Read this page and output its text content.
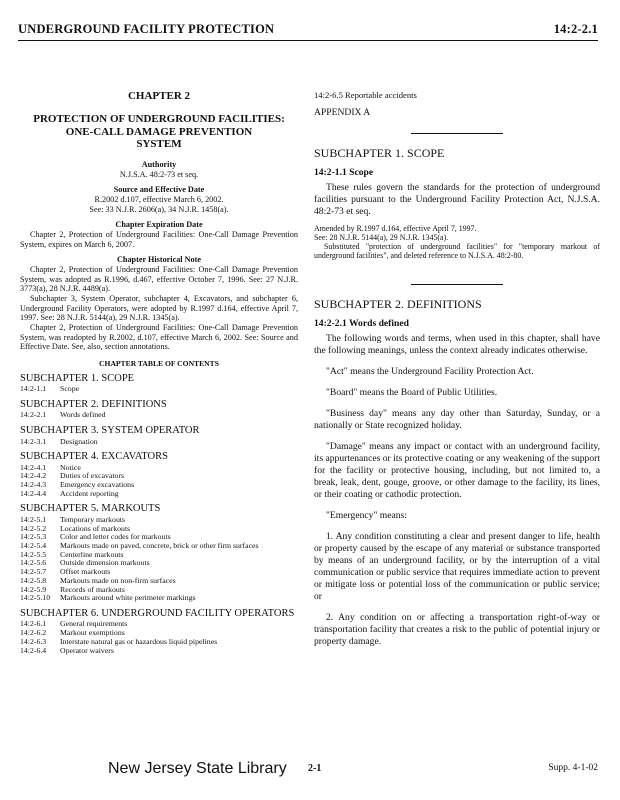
UNDERGROUND FACILITY PROTECTION	14:2-2.1
CHAPTER 2
PROTECTION OF UNDERGROUND FACILITIES:
ONE-CALL DAMAGE PREVENTION
SYSTEM
Authority
N.J.S.A. 48:2-73 et seq.
Source and Effective Date
R.2002 d.107, effective March 6, 2002.
See: 33 N.J.R. 2606(a), 34 N.J.R. 1458(a).
Chapter Expiration Date

Chapter 2, Protection of Underground Facilities: One-Call Damage Prevention System, expires on March 6, 2007.

Chapter Historical Note

Chapter 2, Protection of Underground Facilities: One-Call Damage Prevention System, was adopted as R.1996, d.467, effective October 7, 1996. See: 27 N.J.R. 3773(a), 28 N.J.R. 4489(a).

Subchapter 3, System Operator, subchapter 4, Excavators, and subchapter 6, Underground Facility Operators, were adopted by R.1997 d.164, effective April 7, 1997. See: 28 N.J.R. 5144(a), 29 N.J.R. 1345(a).

Chapter 2, Protection of Underground Facilities: One-Call Damage Prevention System, was readopted by R.2002, d.107, effective March 6, 2002. See: Source and Effective Date. See, also, section annotations.

CHAPTER TABLE OF CONTENTS
SUBCHAPTER 1. SCOPE
14:2-1.1	Scope
SUBCHAPTER 2. DEFINITIONS
14:2-2.1	Words defined
SUBCHAPTER 3. SYSTEM OPERATOR
14:2-3.1	Designation
SUBCHAPTER 4. EXCAVATORS
14:2-4.1	Notice
14:2-4.2	Duties of excavators
14:2-4.3	Emergency excavations
14:2-4.4	Accident reporting
SUBCHAPTER 5. MARKOUTS
14:2-5.1	Temporary markouts
14:2-5.2	Locations of markouts
14:2-5.3	Color and letter codes for markouts
14:2-5.4	Markouts made on paved, concrete, brick or other firm surfaces
14:2-5.5	Centerline markouts
14:2-5.6	Outside dimension markouts
14:2-5.7	Offset markouts
14:2-5.8	Markouts made on non-firm surfaces
14:2-5.9	Records of markouts
14:2-5.10	Markouts around white perimeter markings
SUBCHAPTER 6. UNDERGROUND FACILITY OPERATORS
14:2-6.1	General requirements
14:2-6.2	Markout exemptions
14:2-6.3	Interstate natural gas or hazardous liquid pipelines
14:2-6.4	Operator waivers
14:2-6.5 Reportable accidents
APPENDIX A
SUBCHAPTER 1. SCOPE
14:2-1.1 Scope

These rules govern the standards for the protection of underground facilities pursuant to the Underground Facility Protection Act, N.J.S.A. 48:2-73 et seq.

Amended by R.1997 d.164, effective April 7, 1997.
See: 28 N.J.R. 5144(a), 29 N.J.R. 1345(a).
Substituted "protection of underground facilities" for "temporary markout of underground facilities", and deleted reference to N.J.S.A. 48:2-80.
SUBCHAPTER 2. DEFINITIONS
14:2-2.1 Words defined

The following words and terms, when used in this chapter, shall have the following meanings, unless the context already indicates otherwise.

"Act" means the Underground Facility Protection Act.

"Board" means the Board of Public Utilities.

"Business day" means any day other than Saturday, Sunday, or a nationally or State recognized holiday.

"Damage" means any impact or contact with an underground facility, its appurtenances or its protective coating or any weakening of the support for the facility or protective housing, including, but not limited to, a break, leak, dent, gouge, groove, or other damage to the facility, its lines, or their coating or cathodic protection.

"Emergency" means:

1. Any condition constituting a clear and present danger to life, health or property caused by the escape of any material or substance transported by means of an underground facility, or by the interruption of a vital communication or public service that requires immediate action to prevent or mitigate loss or potential loss of the communication or public service; or

2. Any condition on or affecting a transportation right-of-way or transportation facility that creates a risk to the public of potential injury or property damage.

New Jersey State Library 2-1	Supp. 4-1-02
